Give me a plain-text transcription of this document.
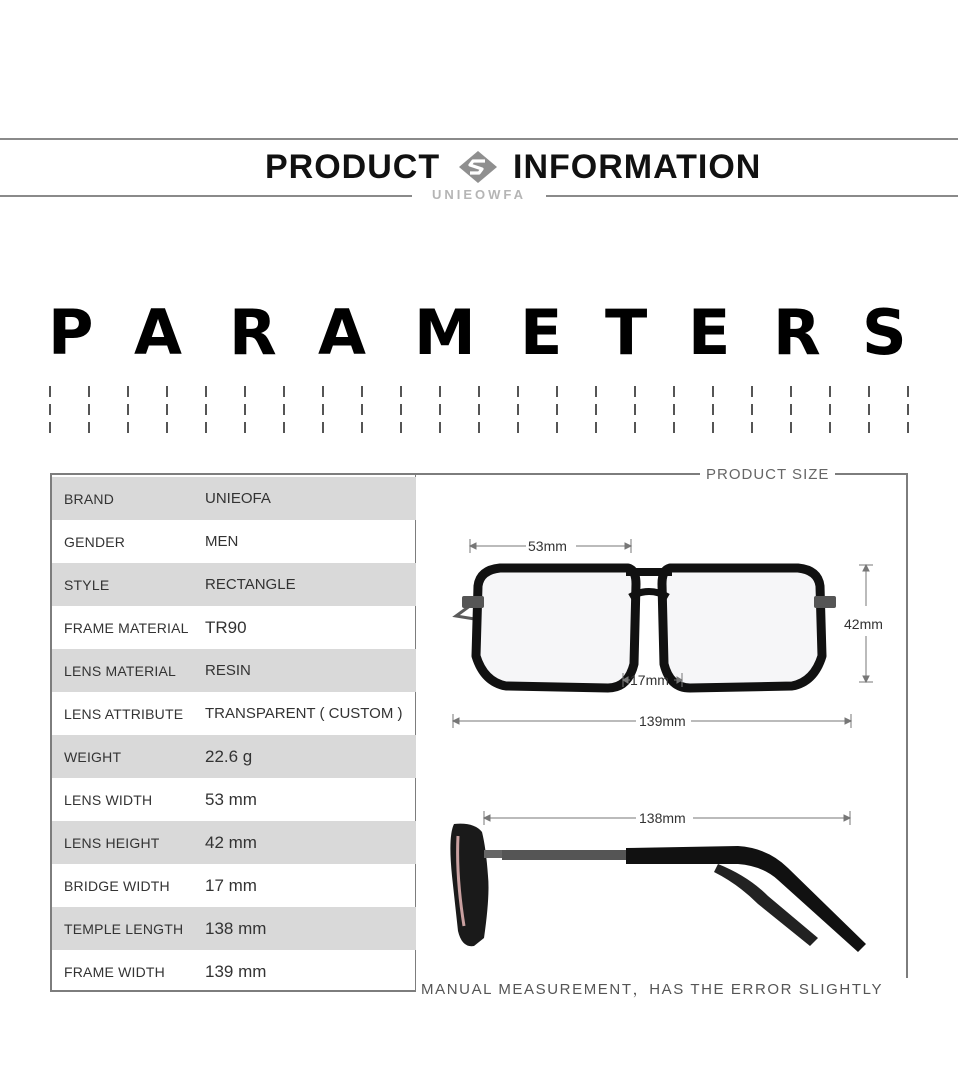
PRODUCT INFORMATION
UNIEOWFA
P A R A M E T E R S
BRAND	UNIEOFA
GENDER	MEN
STYLE	RECTANGLE
FRAME MATERIAL TR90
LENS MATERIAL RESIN
LENS ATTRIBUTE TRANSPARENT ( CUSTOM )
WEIGHT	22.6 g
LENS WIDTH	53 mm
LENS HEIGHT	42 mm
BRIDGE WIDTH 17 mm
TEMPLE LENGTH 138 mm
FRAME WIDTH 139 mm
PRODUCT SIZE
53mm
42mm
17mm
139mm
138mm
MANUAL MEASUREMENT，HAS THE ERROR SLIGHTLY
